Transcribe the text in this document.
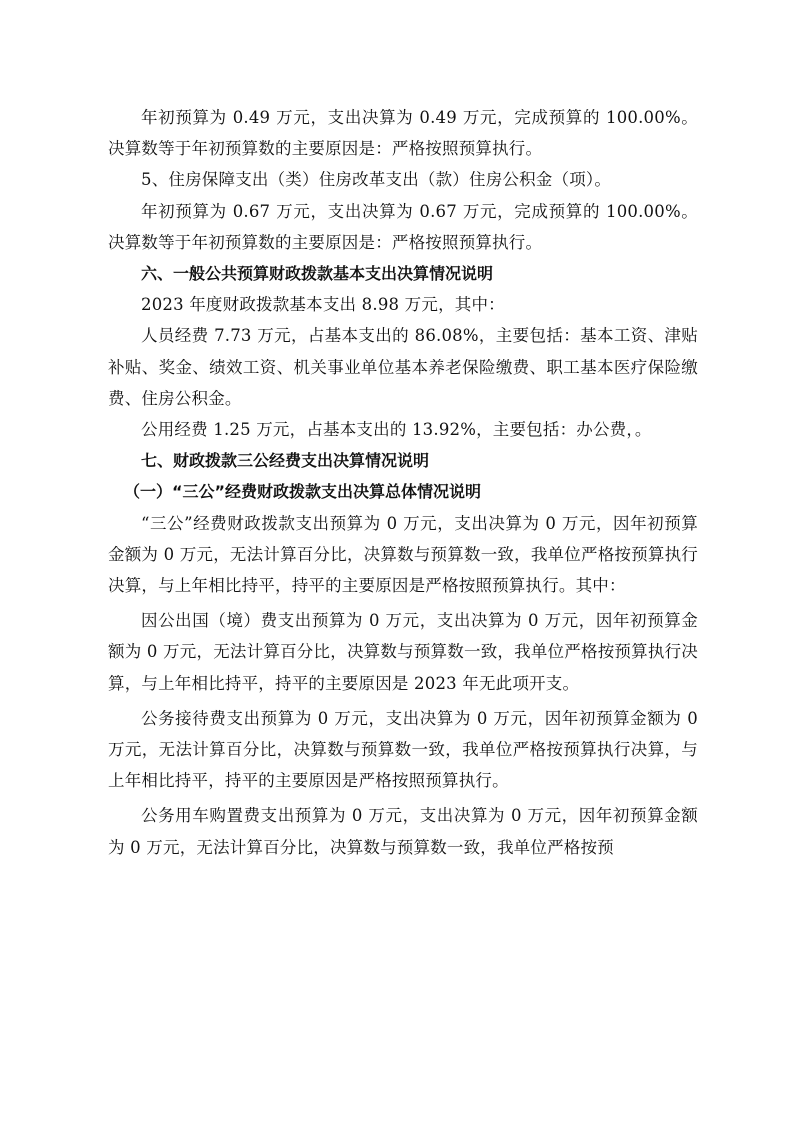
年初预算为 0.49 万元，支出决算为 0.49 万元，完成预算的 100.00%。决算数等于年初预算数的主要原因是：严格按照预算执行。

5、住房保障支出（类）住房改革支出（款）住房公积金（项）。

年初预算为 0.67 万元，支出决算为 0.67 万元，完成预算的 100.00%。决算数等于年初预算数的主要原因是：严格按照预算执行。

六、一般公共预算财政拨款基本支出决算情况说明

2023 年度财政拨款基本支出 8.98 万元，其中：

人员经费 7.73 万元，占基本支出的 86.08%，主要包括：基本工资、津贴补贴、奖金、绩效工资、机关事业单位基本养老保险缴费、职工基本医疗保险缴费、住房公积金。

公用经费 1.25 万元，占基本支出的 13.92%，主要包括：办公费，。

七、财政拨款三公经费支出决算情况说明

（一）“三公”经费财政拨款支出决算总体情况说明

“三公”经费财政拨款支出预算为 0 万元，支出决算为 0 万元，因年初预算金额为 0 万元，无法计算百分比，决算数与预算数一致，我单位严格按预算执行决算，与上年相比持平，持平的主要原因是严格按照预算执行。其中：

因公出国（境）费支出预算为 0 万元，支出决算为 0 万元，因年初预算金额为 0 万元，无法计算百分比，决算数与预算数一致，我单位严格按预算执行决算，与上年相比持平，持平的主要原因是 2023 年无此项开支。

公务接待费支出预算为 0 万元，支出决算为 0 万元，因年初预算金额为 0 万元，无法计算百分比，决算数与预算数一致，我单位严格按预算执行决算，与上年相比持平，持平的主要原因是严格按照预算执行。

公务用车购置费支出预算为 0 万元，支出决算为 0 万元，因年初预算金额为 0 万元，无法计算百分比，决算数与预算数一致，我单位严格按预
